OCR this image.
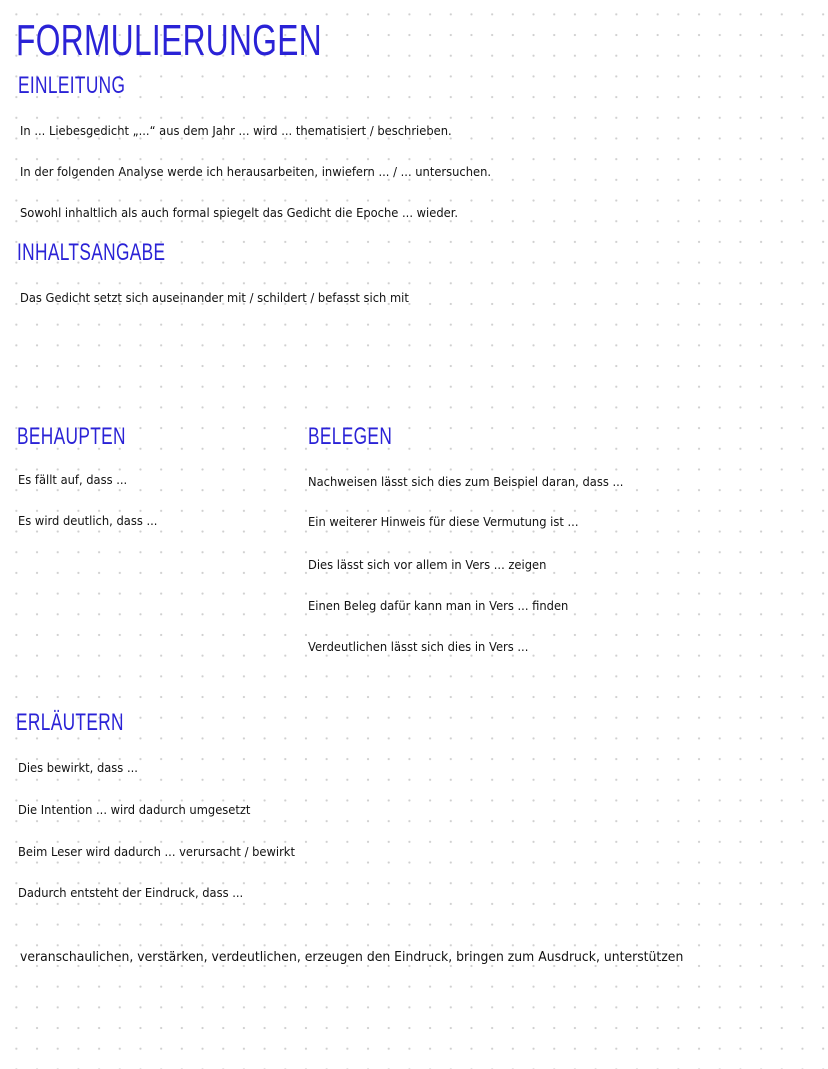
FORMULIERUNGEN
EINLEITUNG
In ... Liebesgedicht „...“ aus dem Jahr ... wird ... thematisiert / beschrieben.
In der folgenden Analyse werde ich herausarbeiten, inwiefern ... / ... untersuchen.
Sowohl inhaltlich als auch formal spiegelt das Gedicht die Epoche ... wieder.
INHALTSANGABE
Das Gedicht setzt sich auseinander mit / schildert / befasst sich mit
BEHAUPTEN
Es fällt auf, dass ...
Es wird deutlich, dass ...
BELEGEN
Nachweisen lässt sich dies zum Beispiel daran, dass ...
Ein weiterer Hinweis für diese Vermutung ist ...
Dies lässt sich vor allem in Vers ... zeigen
Einen Beleg dafür kann man in Vers ... finden
Verdeutlichen lässt sich dies in Vers ...
ERLÄUTERN
Dies bewirkt, dass ...
Die Intention ... wird dadurch umgesetzt
Beim Leser wird dadurch ... verursacht / bewirkt
Dadurch entsteht der Eindruck, dass ...
veranschaulichen, verstärken, verdeutlichen, erzeugen den Eindruck, bringen zum Ausdruck, unterstützen
